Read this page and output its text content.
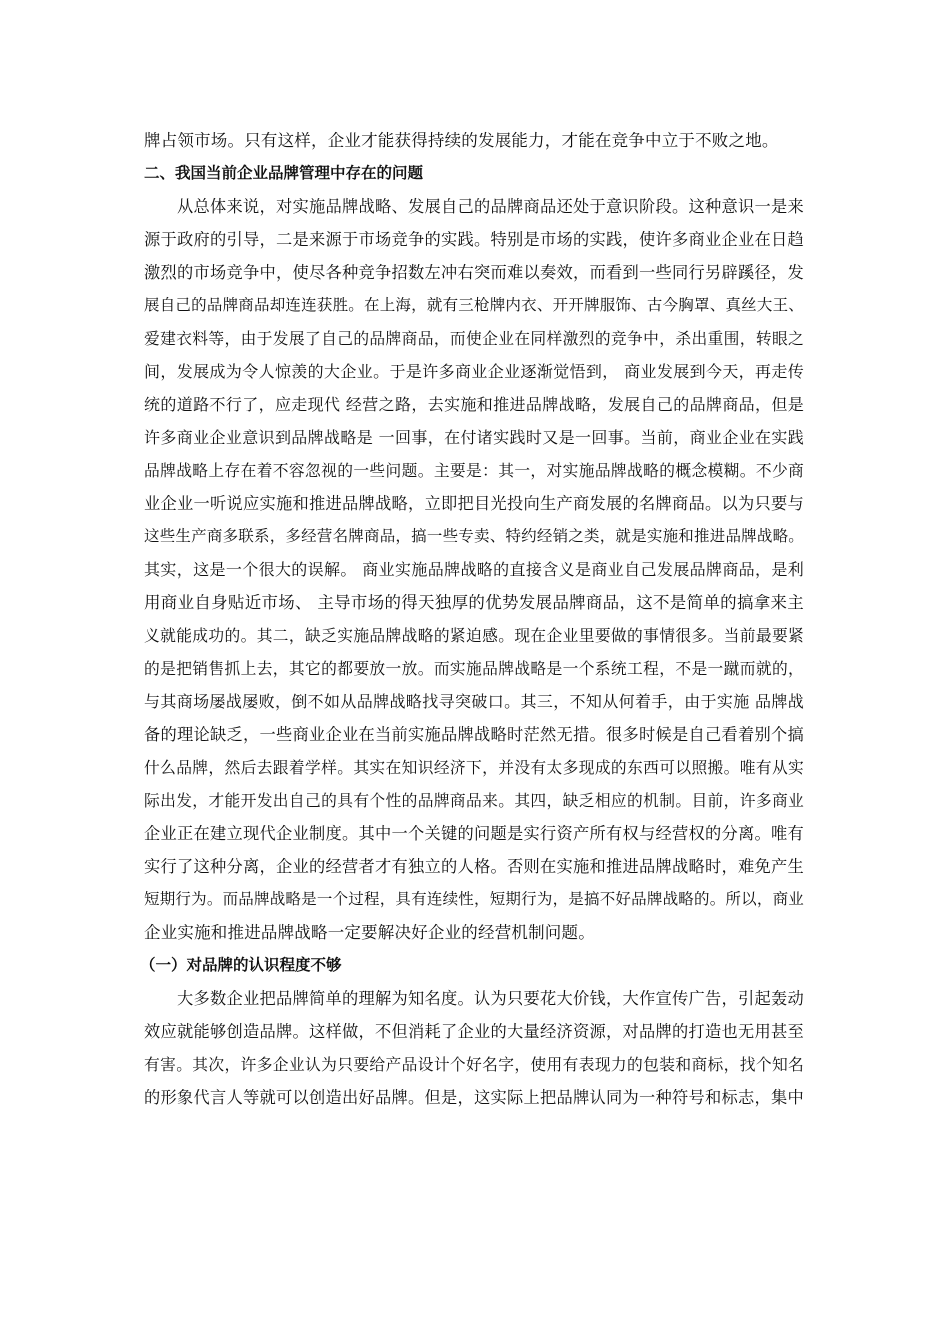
牌占领市场。只有这样，企业才能获得持续的发展能力，才能在竞争中立于不败之地。
二、我国当前企业品牌管理中存在的问题
从总体来说，对实施品牌战略、发展自己的品牌商品还处于意识阶段。这种意识一是来
源于政府的引导，二是来源于市场竞争的实践。特别是市场的实践，使许多商业企业在日趋
激烈的市场竞争中，使尽各种竞争招数左冲右突而难以奏效，而看到一些同行另辟蹊径，发
展自己的品牌商品却连连获胜。在上海，就有三枪牌内衣、开开牌服饰、古今胸罩、真丝大王、
爱建衣料等，由于发展了自己的品牌商品，而使企业在同样激烈的竞争中，杀出重围，转眼之
间，发展成为令人惊羡的大企业。于是许多商业企业逐渐觉悟到， 商业发展到今天，再走传
统的道路不行了，应走现代 经营之路，去实施和推进品牌战略，发展自己的品牌商品，但是
许多商业企业意识到品牌战略是 一回事，在付诸实践时又是一回事。当前，商业企业在实践
品牌战略上存在着不容忽视的一些问题。主要是：其一，对实施品牌战略的概念模糊。不少商
业企业一听说应实施和推进品牌战略，立即把目光投向生产商发展的名牌商品。以为只要与
这些生产商多联系，多经营名牌商品，搞一些专卖、特约经销之类，就是实施和推进品牌战略。
其实，这是一个很大的误解。 商业实施品牌战略的直接含义是商业自己发展品牌商品，是利
用商业自身贴近市场、 主导市场的得天独厚的优势发展品牌商品，这不是简单的搞拿来主
义就能成功的。其二，缺乏实施品牌战略的紧迫感。现在企业里要做的事情很多。当前最要紧
的是把销售抓上去，其它的都要放一放。而实施品牌战略是一个系统工程，不是一蹴而就的，
与其商场屡战屡败，倒不如从品牌战略找寻突破口。其三，不知从何着手，由于实施 品牌战
备的理论缺乏，一些商业企业在当前实施品牌战略时茫然无措。很多时候是自己看着别个搞
什么品牌，然后去跟着学样。其实在知识经济下，并没有太多现成的东西可以照搬。唯有从实
际出发，才能开发出自己的具有个性的品牌商品来。其四，缺乏相应的机制。目前，许多商业
企业正在建立现代企业制度。其中一个关键的问题是实行资产所有权与经营权的分离。唯有
实行了这种分离，企业的经营者才有独立的人格。否则在实施和推进品牌战略时，难免产生
短期行为。而品牌战略是一个过程，具有连续性，短期行为，是搞不好品牌战略的。所以，商业
企业实施和推进品牌战略一定要解决好企业的经营机制问题。
（一）对品牌的认识程度不够
大多数企业把品牌简单的理解为知名度。认为只要花大价钱，大作宣传广告，引起轰动
效应就能够创造品牌。这样做，不但消耗了企业的大量经济资源，对品牌的打造也无用甚至
有害。其次，许多企业认为只要给产品设计个好名字，使用有表现力的包装和商标，找个知名
的形象代言人等就可以创造出好品牌。但是，这实际上把品牌认同为一种符号和标志，集中
